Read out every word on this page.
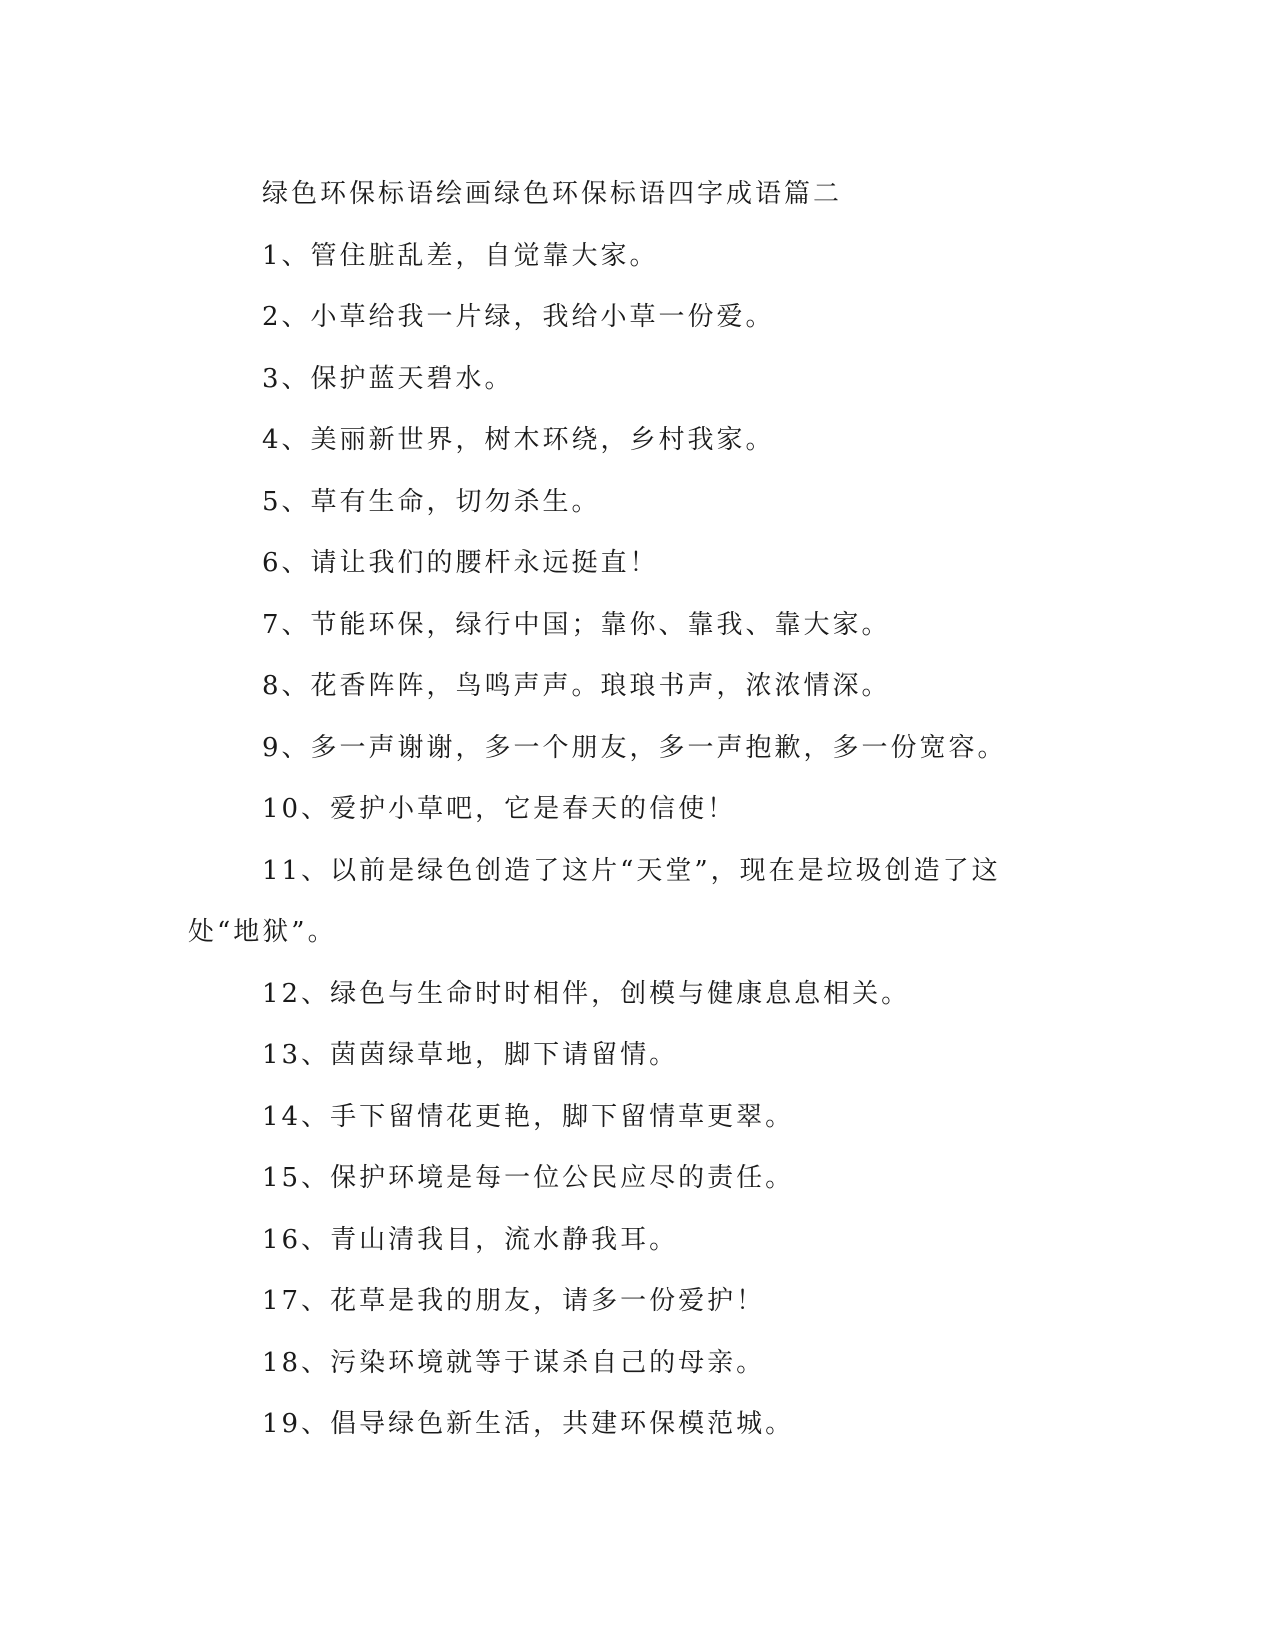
绿色环保标语绘画绿色环保标语四字成语篇二

1、管住脏乱差，自觉靠大家。

2、小草给我一片绿，我给小草一份爱。

3、保护蓝天碧水。

4、美丽新世界，树木环绕，乡村我家。

5、草有生命，切勿杀生。

6、请让我们的腰杆永远挺直！

7、节能环保，绿行中国；靠你、靠我、靠大家。

8、花香阵阵，鸟鸣声声。琅琅书声，浓浓情深。

9、多一声谢谢，多一个朋友，多一声抱歉，多一份宽容。

10、爱护小草吧，它是春天的信使！

11、以前是绿色创造了这片“天堂”，现在是垃圾创造了这处“地狱”。

12、绿色与生命时时相伴，创模与健康息息相关。

13、茵茵绿草地，脚下请留情。

14、手下留情花更艳，脚下留情草更翠。

15、保护环境是每一位公民应尽的责任。

16、青山清我目，流水静我耳。

17、花草是我的朋友，请多一份爱护！

18、污染环境就等于谋杀自己的母亲。

19、倡导绿色新生活，共建环保模范城。
